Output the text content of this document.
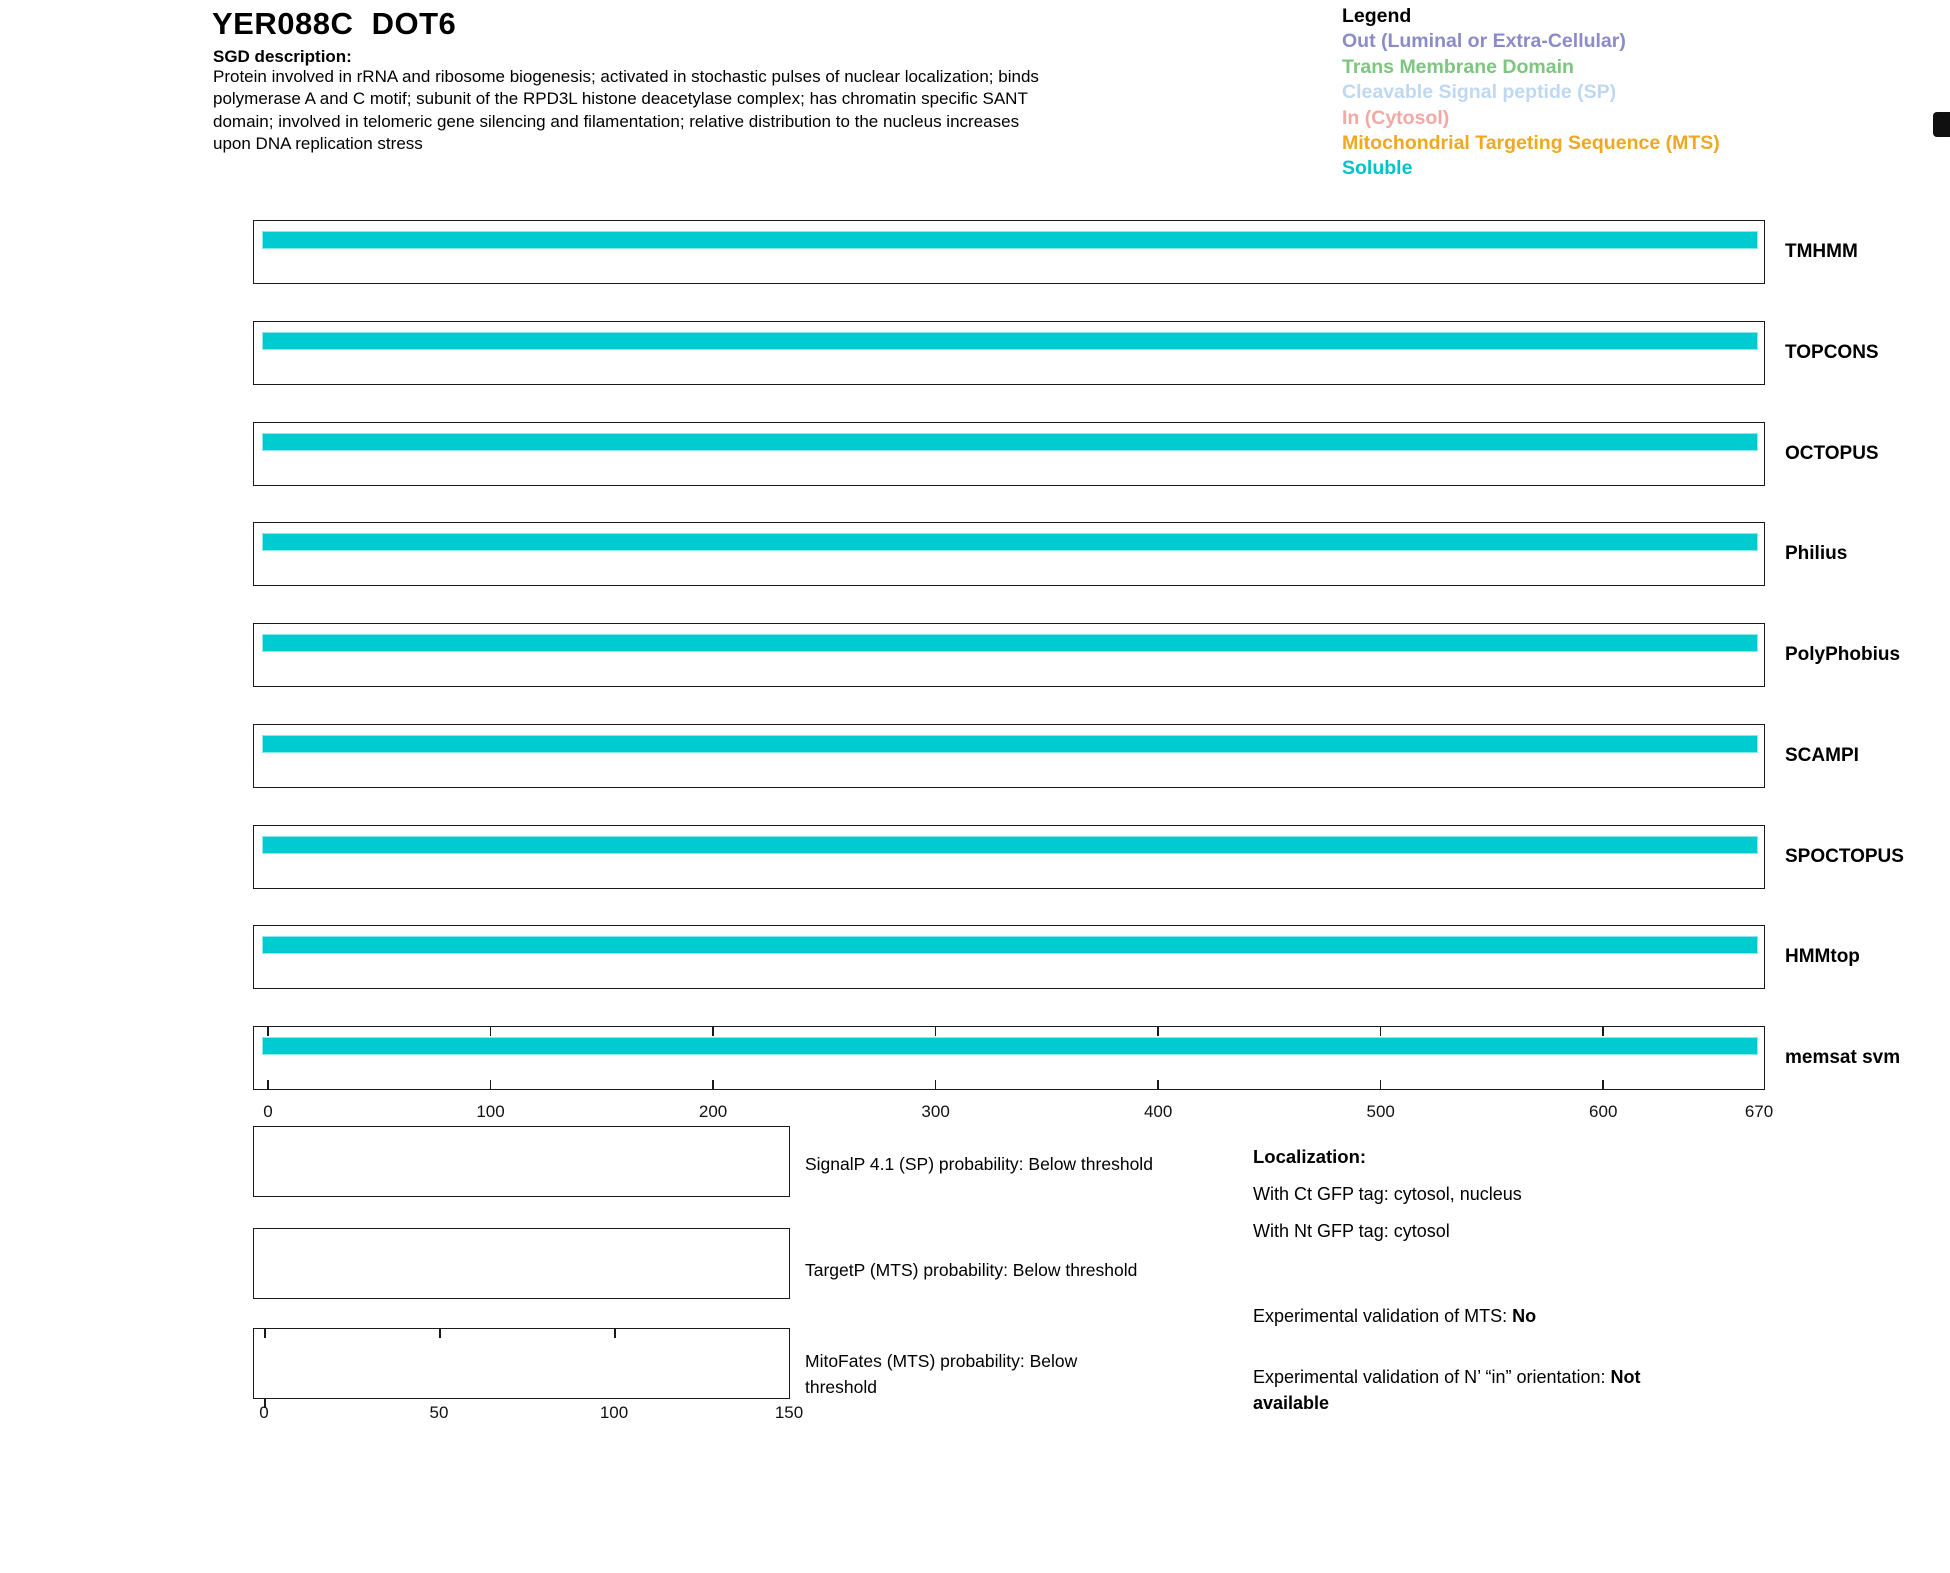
YER088C  DOT6
SGD description:
Protein involved in rRNA and ribosome biogenesis; activated in stochastic pulses of nuclear localization; binds polymerase A and C motif; subunit of the RPD3L histone deacetylase complex; has chromatin specific SANT domain; involved in telomeric gene silencing and filamentation; relative distribution to the nucleus increases upon DNA replication stress
Legend
Out (Luminal or Extra-Cellular)
Trans Membrane Domain
Cleavable Signal peptide (SP)
In (Cytosol)
Mitochondrial Targeting Sequence (MTS)
Soluble
TMHMM
TOPCONS
OCTOPUS
Philius
PolyPhobius
SCAMPI
SPOCTOPUS
HMMtop
memsat svm
0	100	200	300	400	500	600	670
SignalP 4.1 (SP) probability: Below threshold
TargetP (MTS) probability: Below threshold
MitoFates (MTS) probability: Below threshold
0	50	100	150
Localization:
With Ct GFP tag: cytosol, nucleus
With Nt GFP tag: cytosol
Experimental validation of MTS: No
Experimental validation of N’ “in” orientation: Not available
